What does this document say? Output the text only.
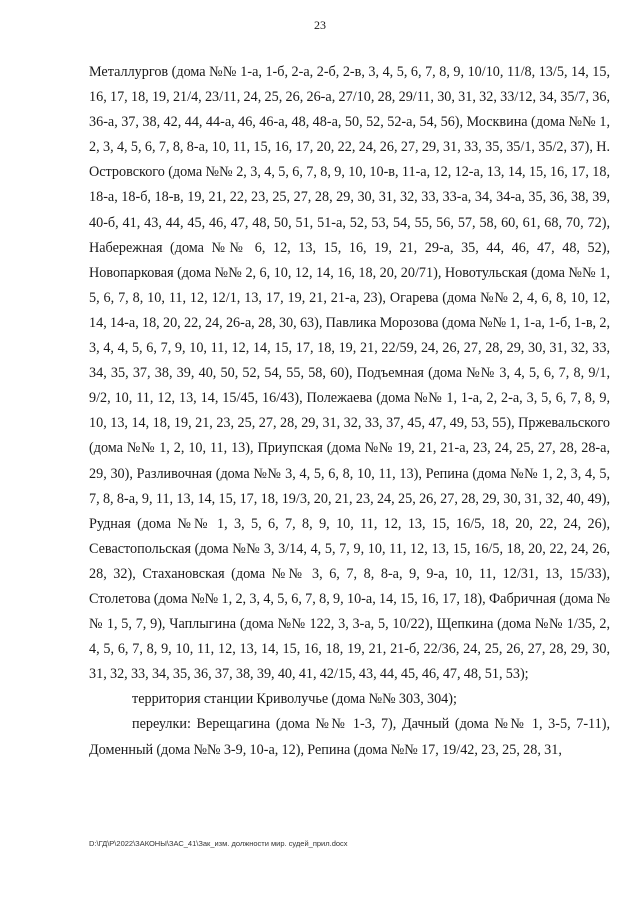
23

Металлургов (дома №№ 1-а, 1-б, 2-а, 2-б, 2-в, 3, 4, 5, 6, 7, 8, 9, 10/10, 11/8, 13/5, 14, 15, 16, 17, 18, 19, 21/4, 23/11, 24, 25, 26, 26-а, 27/10, 28, 29/11, 30, 31, 32, 33/12, 34, 35/7, 36, 36-а, 37, 38, 42, 44, 44-а, 46, 46-а, 48, 48-а, 50, 52, 52-а, 54, 56), Москвина (дома №№ 1, 2, 3, 4, 5, 6, 7, 8, 8-а, 10, 11, 15, 16, 17, 20, 22, 24, 26, 27, 29, 31, 33, 35, 35/1, 35/2, 37), Н. Островского (дома №№ 2, 3, 4, 5, 6, 7, 8, 9, 10, 10-в, 11-а, 12, 12-а, 13, 14, 15, 16, 17, 18, 18-а, 18-б, 18-в, 19, 21, 22, 23, 25, 27, 28, 29, 30, 31, 32, 33, 33-а, 34, 34-а, 35, 36, 38, 39, 40-б, 41, 43, 44, 45, 46, 47, 48, 50, 51, 51-а, 52, 53, 54, 55, 56, 57, 58, 60, 61, 68, 70, 72), Набережная (дома №№ 6, 12, 13, 15, 16, 19, 21, 29-а, 35, 44, 46, 47, 48, 52), Новопарковая (дома №№ 2, 6, 10, 12, 14, 16, 18, 20, 20/71), Новотульская (дома №№ 1, 5, 6, 7, 8, 10, 11, 12, 12/1, 13, 17, 19, 21, 21-а, 23), Огарева (дома №№ 2, 4, 6, 8, 10, 12, 14, 14-а, 18, 20, 22, 24, 26-а, 28, 30, 63), Павлика Морозова (дома №№ 1, 1-а, 1-б, 1-в, 2, 3, 4, 4, 5, 6, 7, 9, 10, 11, 12, 14, 15, 17, 18, 19, 21, 22/59, 24, 26, 27, 28, 29, 30, 31, 32, 33, 34, 35, 37, 38, 39, 40, 50, 52, 54, 55, 58, 60), Подъемная (дома №№ 3, 4, 5, 6, 7, 8, 9/1, 9/2, 10, 11, 12, 13, 14, 15/45, 16/43), Полежаева (дома №№ 1, 1-а, 2, 2-а, 3, 5, 6, 7, 8, 9, 10, 13, 14, 18, 19, 21, 23, 25, 27, 28, 29, 31, 32, 33, 37, 45, 47, 49, 53, 55), Пржевальского (дома №№ 1, 2, 10, 11, 13), Приупская (дома №№ 19, 21, 21-а, 23, 24, 25, 27, 28, 28-а, 29, 30), Разливочная (дома №№ 3, 4, 5, 6, 8, 10, 11, 13), Репина (дома №№ 1, 2, 3, 4, 5, 7, 8, 8-а, 9, 11, 13, 14, 15, 17, 18, 19/3, 20, 21, 23, 24, 25, 26, 27, 28, 29, 30, 31, 32, 40, 49), Рудная (дома №№ 1, 3, 5, 6, 7, 8, 9, 10, 11, 12, 13, 15, 16/5, 18, 20, 22, 24, 26), Севастопольская (дома №№ 3, 3/14, 4, 5, 7, 9, 10, 11, 12, 13, 15, 16/5, 18, 20, 22, 24, 26, 28, 32), Стахановская (дома №№ 3, 6, 7, 8, 8-а, 9, 9-а, 10, 11, 12/31, 13, 15/33), Столетова (дома №№ 1, 2, 3, 4, 5, 6, 7, 8, 9, 10-а, 14, 15, 16, 17, 18), Фабричная (дома №№ 1, 5, 7, 9), Чаплыгина (дома №№ 122, 3, 3-а, 5, 10/22), Щепкина (дома №№ 1/35, 2, 4, 5, 6, 7, 8, 9, 10, 11, 12, 13, 14, 15, 16, 18, 19, 21, 21-б, 22/36, 24, 25, 26, 27, 28, 29, 30, 31, 32, 33, 34, 35, 36, 37, 38, 39, 40, 41, 42/15, 43, 44, 45, 46, 47, 48, 51, 53);

территория станции Криволучье (дома №№ 303, 304);

переулки: Верещагина (дома №№ 1-3, 7), Дачный (дома №№ 1, 3-5, 7-11), Доменный (дома №№ 3-9, 10-а, 12), Репина (дома №№ 17, 19/42, 23, 25, 28, 31,

D:\ГД\Р\2022\ЗАКОНЫ\ЗАС_41\Зак_изм. должности мир. судей_прил.docx
